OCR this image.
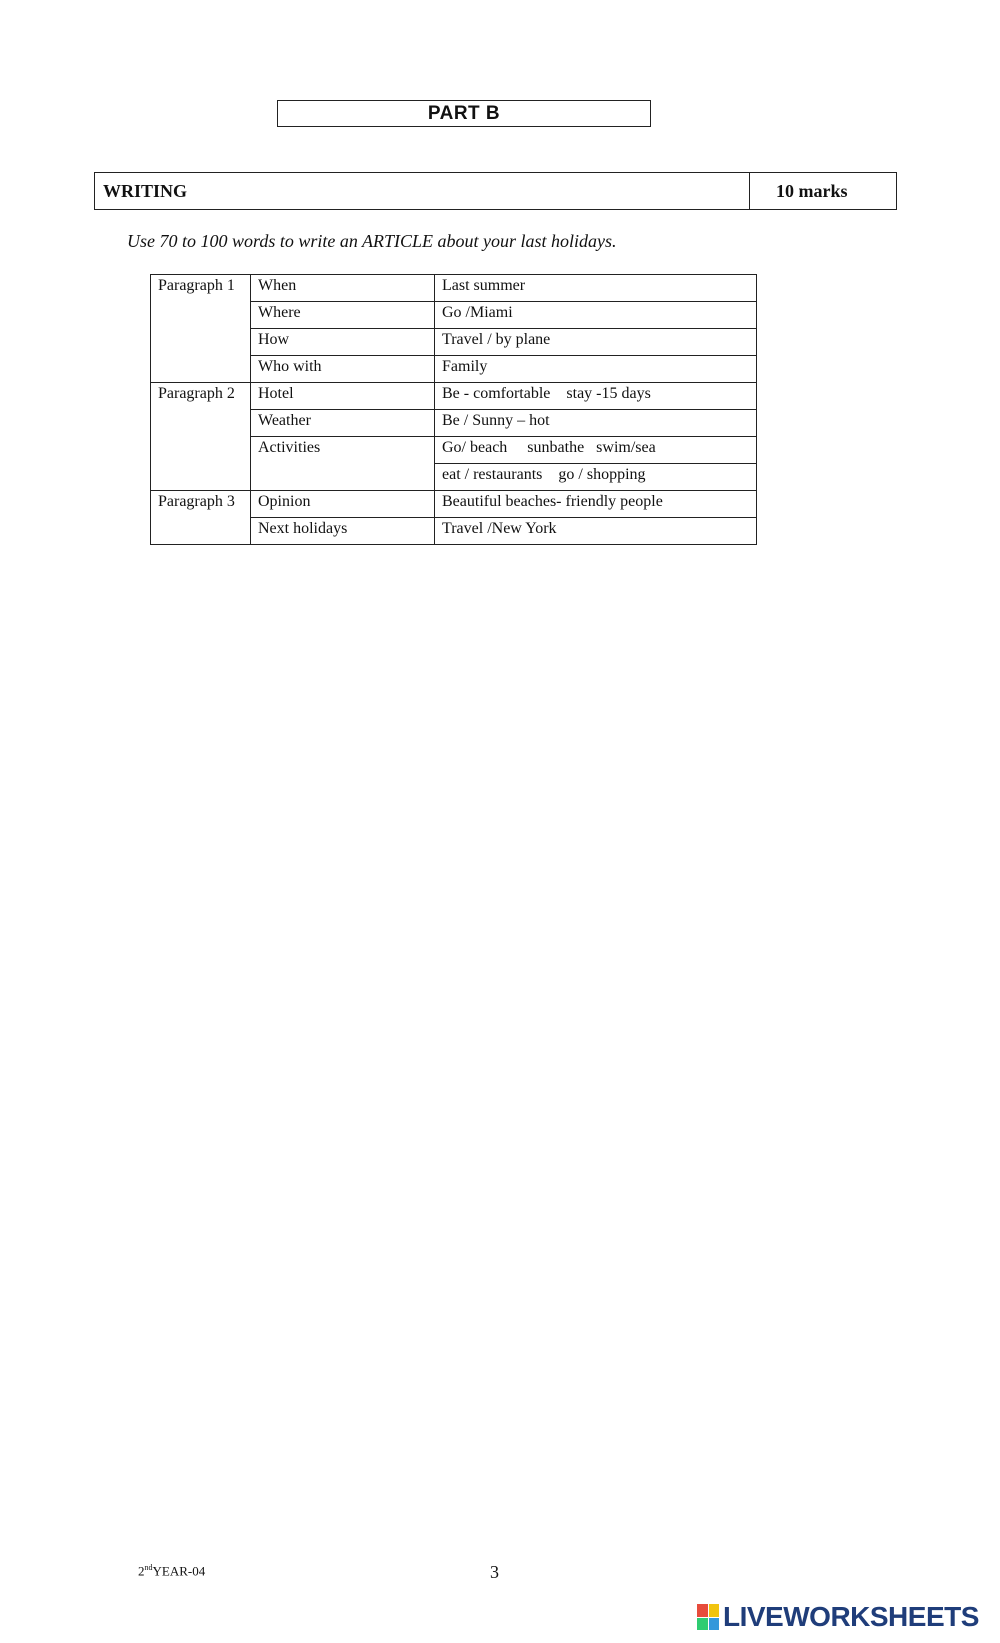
PART B
WRITING	10 marks
Use 70 to 100 words to write an ARTICLE about your last holidays.
Paragraph 1	When	Last summer
	Where	Go /Miami
	How	Travel / by plane
	Who with	Family
Paragraph 2	Hotel	Be - comfortable    stay -15 days
	Weather	Be / Sunny – hot
	Activities	Go/ beach     sunbathe   swim/sea
		eat / restaurants    go / shopping
Paragraph 3	Opinion	Beautiful beaches- friendly people
	Next holidays	Travel /New York
2ndYEAR-04	3
LIVEWORKSHEETS
